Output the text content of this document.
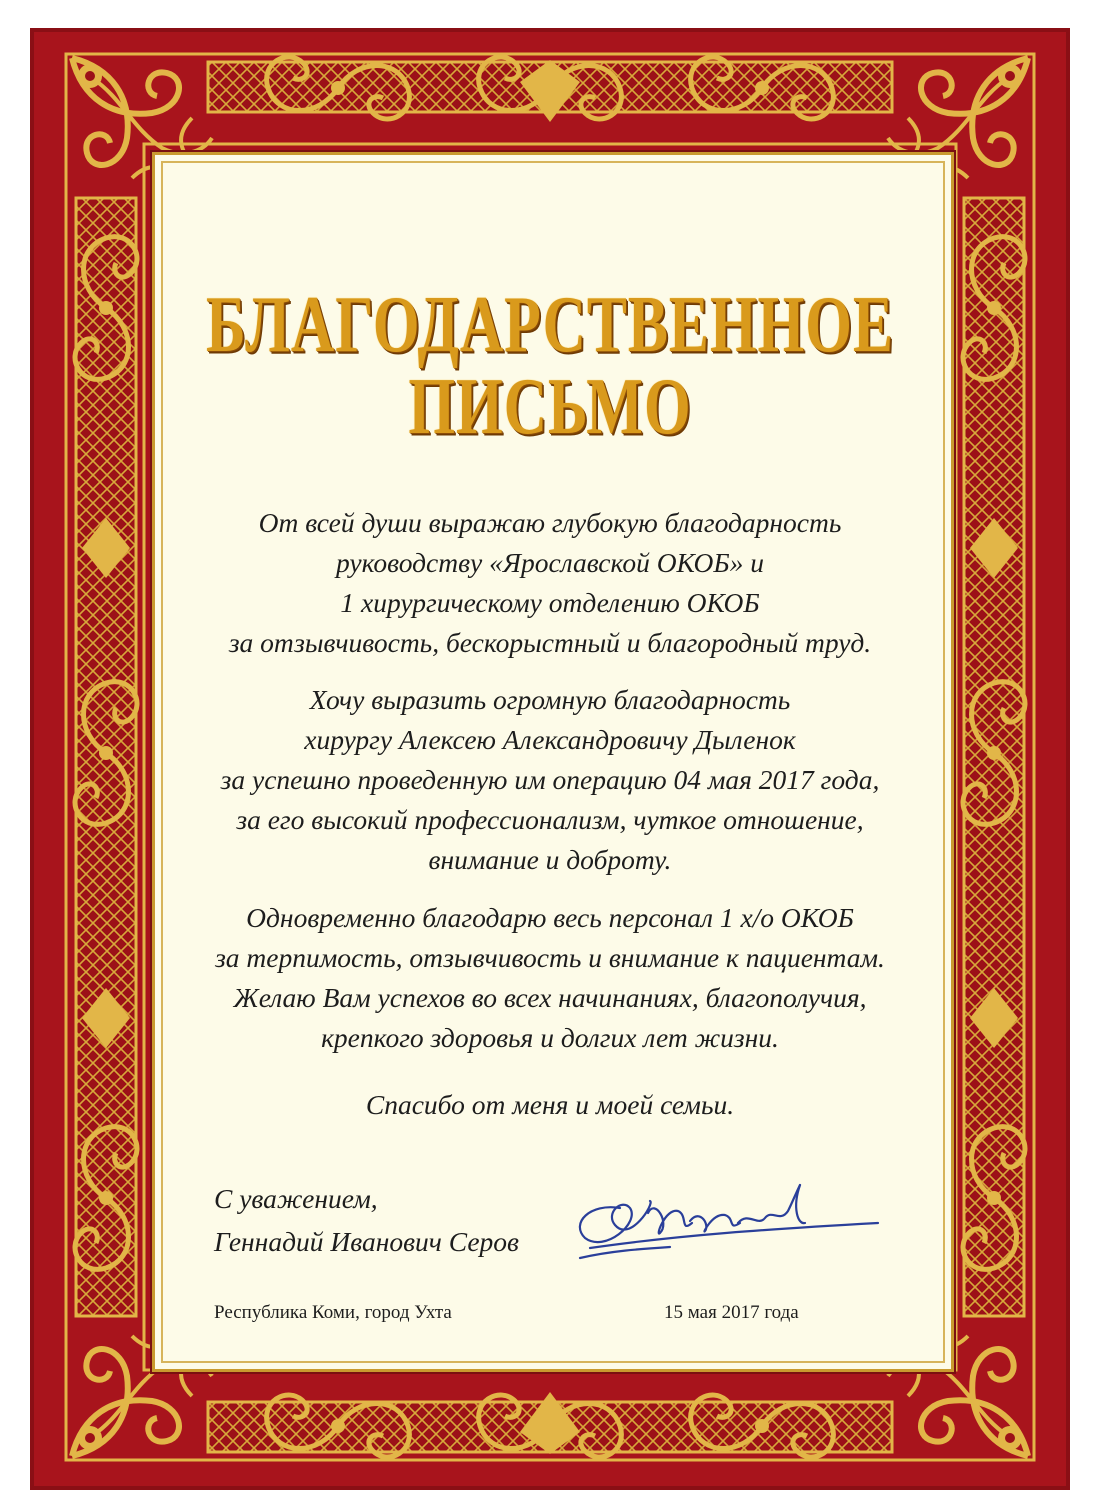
БЛАГОДАРСТВЕННОЕ
ПИСЬМО
От всей души выражаю глубокую благодарность
руководству «Ярославской ОКОБ» и
1 хирургическому отделению ОКОБ
за отзывчивость, бескорыстный и благородный труд.
Хочу выразить огромную благодарность
хирургу Алексею Александровичу Дыленок
за успешно проведенную им операцию 04 мая 2017 года,
за его высокий профессионализм, чуткое отношение,
внимание и доброту.
Одновременно благодарю весь персонал 1 х/о ОКОБ
за терпимость, отзывчивость и внимание к пациентам.
Желаю Вам успехов во всех начинаниях, благополучия,
крепкого здоровья и долгих лет жизни.
Спасибо от меня и моей семьи.
С уважением,
Геннадий Иванович Серов
Республика Коми, город Ухта	15 мая 2017 года
